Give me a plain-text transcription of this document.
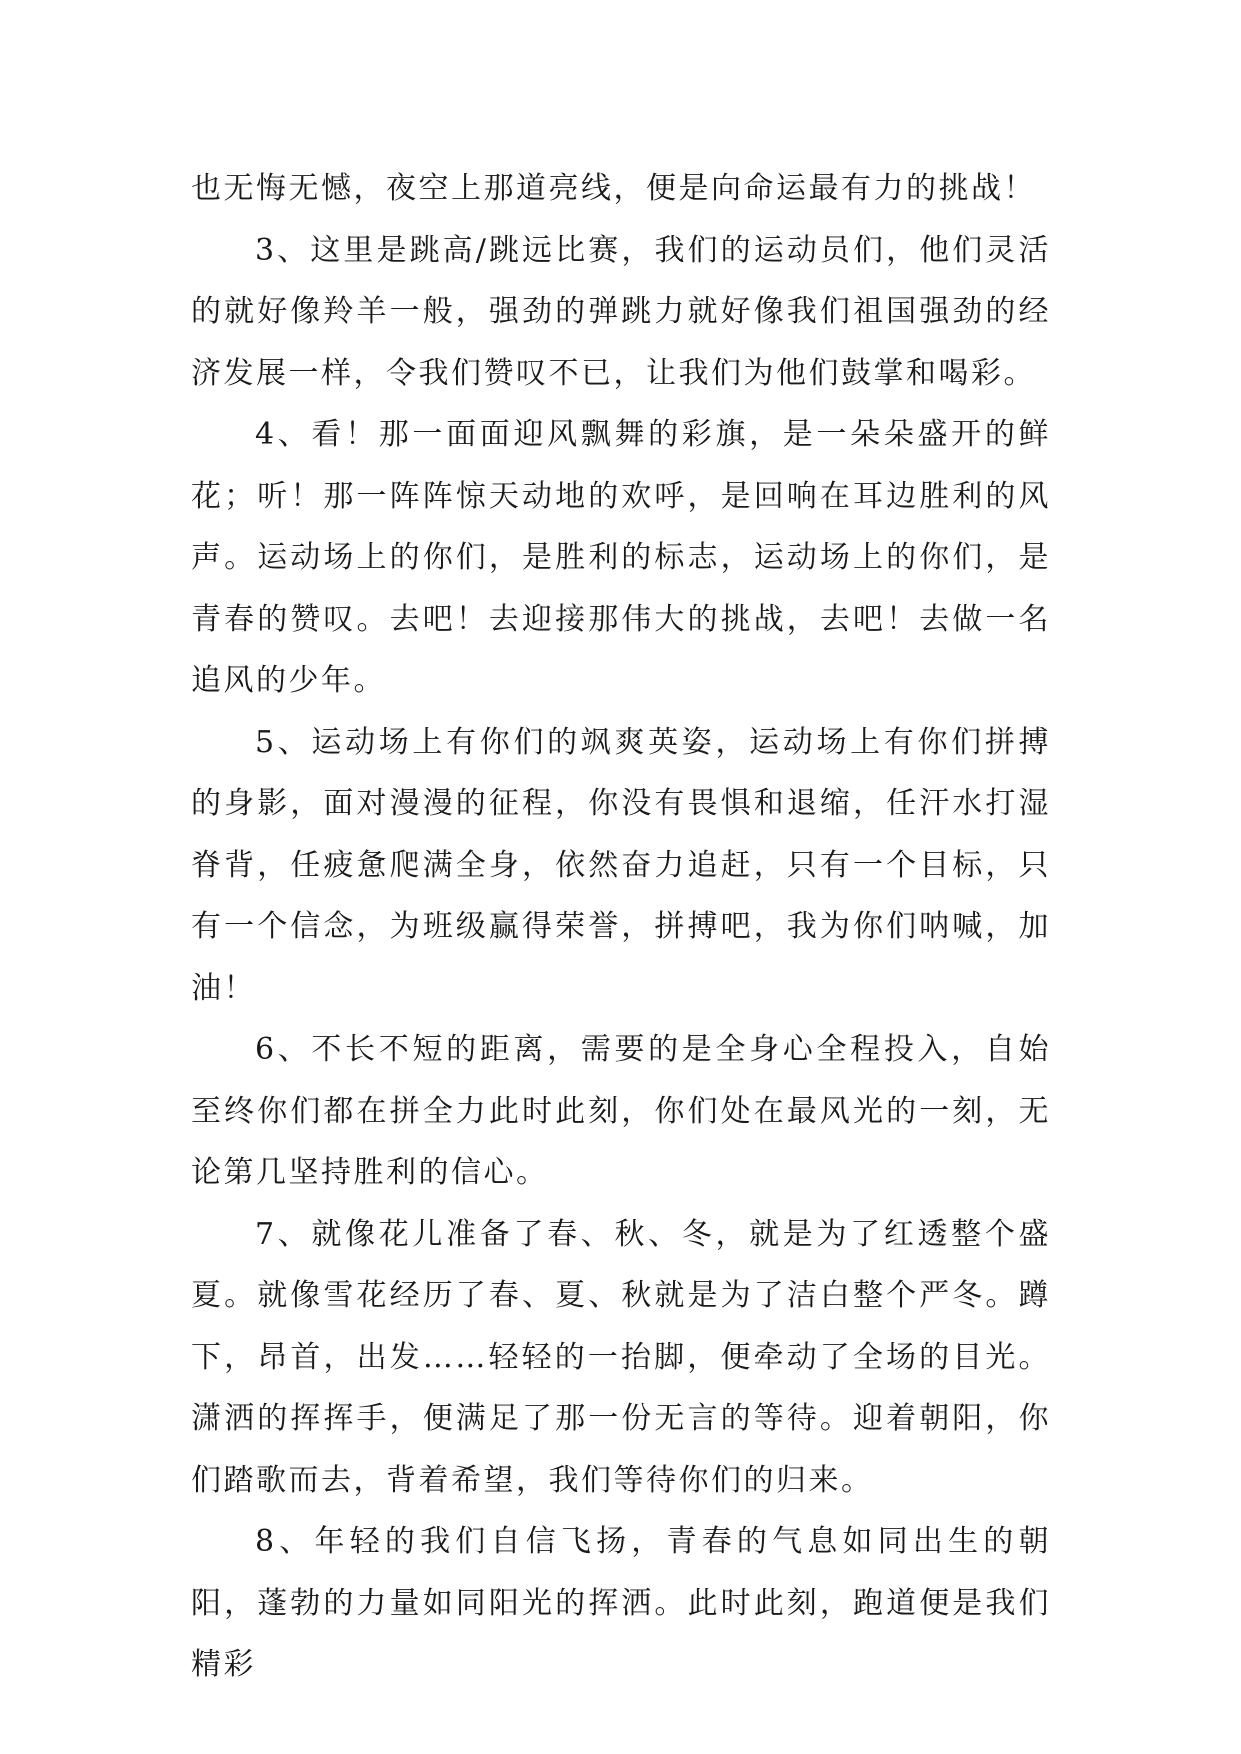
也无悔无憾，夜空上那道亮线，便是向命运最有力的挑战！

3、这里是跳高/跳远比赛，我们的运动员们，他们灵活的就好像羚羊一般，强劲的弹跳力就好像我们祖国强劲的经济发展一样，令我们赞叹不已，让我们为他们鼓掌和喝彩。

4、看！那一面面迎风飘舞的彩旗，是一朵朵盛开的鲜花；听！那一阵阵惊天动地的欢呼，是回响在耳边胜利的风声。运动场上的你们，是胜利的标志，运动场上的你们，是青春的赞叹。去吧！去迎接那伟大的挑战，去吧！去做一名追风的少年。

5、运动场上有你们的飒爽英姿，运动场上有你们拼搏的身影，面对漫漫的征程，你没有畏惧和退缩，任汗水打湿脊背，任疲惫爬满全身，依然奋力追赶，只有一个目标，只有一个信念，为班级赢得荣誉，拼搏吧，我为你们呐喊，加油！

6、不长不短的距离，需要的是全身心全程投入，自始至终你们都在拼全力此时此刻，你们处在最风光的一刻，无论第几坚持胜利的信心。

7、就像花儿准备了春、秋、冬，就是为了红透整个盛夏。就像雪花经历了春、夏、秋就是为了洁白整个严冬。蹲下，昂首，出发……轻轻的一抬脚，便牵动了全场的目光。潇洒的挥挥手，便满足了那一份无言的等待。迎着朝阳，你们踏歌而去，背着希望，我们等待你们的归来。

8、年轻的我们自信飞扬，青春的气息如同出生的朝阳，蓬勃的力量如同阳光的挥洒。此时此刻，跑道便是我们精彩
